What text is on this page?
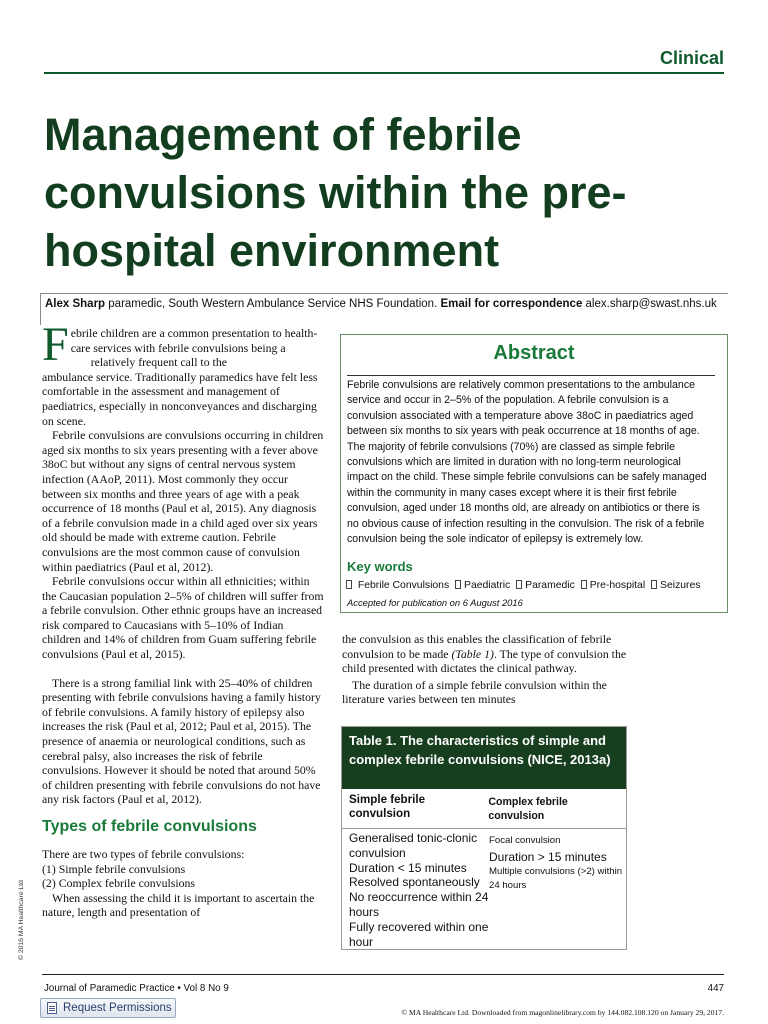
Clinical
Management of febrile convulsions within the pre-hospital environment
Alex Sharp paramedic, South Western Ambulance Service NHS Foundation. Email for correspondence alex.sharp@swast.nhs.uk

Febrile children are a common presentation to health-
care services with febrile convulsions being a
relatively frequent call to the

ambulance service. Traditionally paramedics have felt less comfortable in the assessment and management of paediatrics, especially in nonconveyances and discharging on scene.

Febrile convulsions are convulsions occurring in children aged six months to six years presenting with a fever above 38oC but without any signs of central nervous system infection (AAoP, 2011). Most commonly they occur between six months and three years of age with a peak occurrence of 18 months (Paul et al, 2015). Any diagnosis of a febrile convulsion made in a child aged over six years old should be made with extreme caution. Febrile convulsions are the most common cause of convulsion within paediatrics (Paul et al, 2012).

Febrile convulsions occur within all ethnicities; within the Caucasian population 2–5% of children will suffer from a febrile convulsion. Other ethnic groups have an increased risk compared to Caucasians with 5–10% of Indian children and 14% of children from Guam suffering febrile convulsions (Paul et al, 2015).

There is a strong familial link with 25–40% of children presenting with febrile convulsions having a family history of febrile convulsions. A family history of epilepsy also increases the risk (Paul et al, 2012; Paul et al, 2015). The presence of anaemia or neurological conditions, such as cerebral palsy, also increases the risk of febrile convulsions. However it should be noted that around 50% of children presenting with febrile convulsions do not have any risk factors (Paul et al, 2012).

Types of febrile convulsions

There are two types of febrile convulsions:

(1) Simple febrile convulsions

(2) Complex febrile convulsions

When assessing the child it is important to ascertain the nature, length and presentation of

Abstract

Febrile convulsions are relatively common presentations to the ambulance service and occur in 2–5% of the population. A febrile convulsion is a convulsion associated with a temperature above 38oC in paediatrics aged between six months to six years with peak occurrence at 18 months of age. The majority of febrile convulsions (70%) are classed as simple febrile convulsions which are limited in duration with no long-term neurological impact on the child. These simple febrile convulsions can be safely managed within the community in many cases except where it is their first febrile convulsion, aged under 18 months old, are already on antibiotics or there is no obvious cause of infection resulting in the convulsion. The risk of a febrile convulsion being the sole indicator of epilepsy is extremely low.

Key words
Febrile Convulsions Paediatric Paramedic Pre-hospital Seizures
Accepted for publication on 6 August 2016

the convulsion as this enables the classification of febrile convulsion to be made (Table 1). The type of convulsion the child presented with dictates the clinical pathway.

The duration of a simple febrile convulsion within the literature varies between ten minutes

Table 1. The characteristics of simple and complex febrile convulsions (NICE, 2013a)
Simple febrile convulsion
Complex febrile convulsion
Generalised tonic-clonic convulsion
Duration < 15 minutes
Resolved spontaneously
No reoccurrence within 24 hours
Fully recovered within one hour
Focal convulsion
Duration > 15 minutes
Multiple convulsions (>2) within 24 hours
© 2016 MA Healthcare Ltd
Journal of Paramedic Practice • Vol 8 No 9	447
Request Permissions	© MA Healthcare Ltd. Downloaded from magonlinelibrary.com by 144.082.108.120 on January 29, 2017.
